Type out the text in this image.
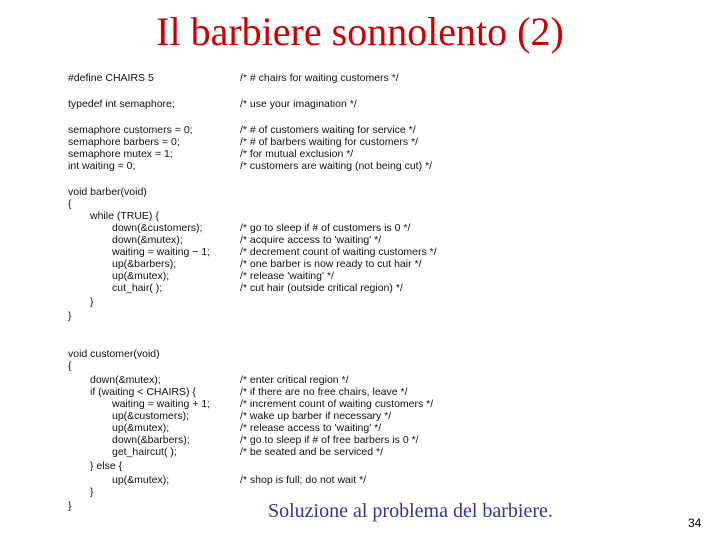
Il barbiere sonnolento (2)
#define CHAIRS 5	/* # chairs for waiting customers */
typedef int semaphore;	/* use your imagination */
semaphore customers = 0;	/* # of customers waiting for service */
semaphore barbers = 0;	/* # of barbers waiting for customers */
semaphore mutex = 1;	/* for mutual exclusion */
int waiting = 0;	/* customers are waiting (not being cut) */
void barber(void)
{
while (TRUE) {
down(&customers);	/* go to sleep if # of customers is 0 */
down(&mutex);	/* acquire access to 'waiting' */
waiting = waiting − 1;	/* decrement count of waiting customers */
up(&barbers);	/* one barber is now ready to cut hair */
up(&mutex);	/* release 'waiting' */
cut_hair( );	/* cut hair (outside critical region) */
}
}
void customer(void)
{
down(&mutex);	/* enter critical region */
if (waiting < CHAIRS) {	/* if there are no free chairs, leave */
waiting = waiting + 1;	/* increment count of waiting customers */
up(&customers);	/* wake up barber if necessary */
up(&mutex);	/* release access to 'waiting' */
down(&barbers);	/* go to sleep if # of free barbers is 0 */
get_haircut( );	/* be seated and be serviced */
} else {
up(&mutex);	/* shop is full; do not wait */
}
}	Soluzione al problema del barbiere.
34
